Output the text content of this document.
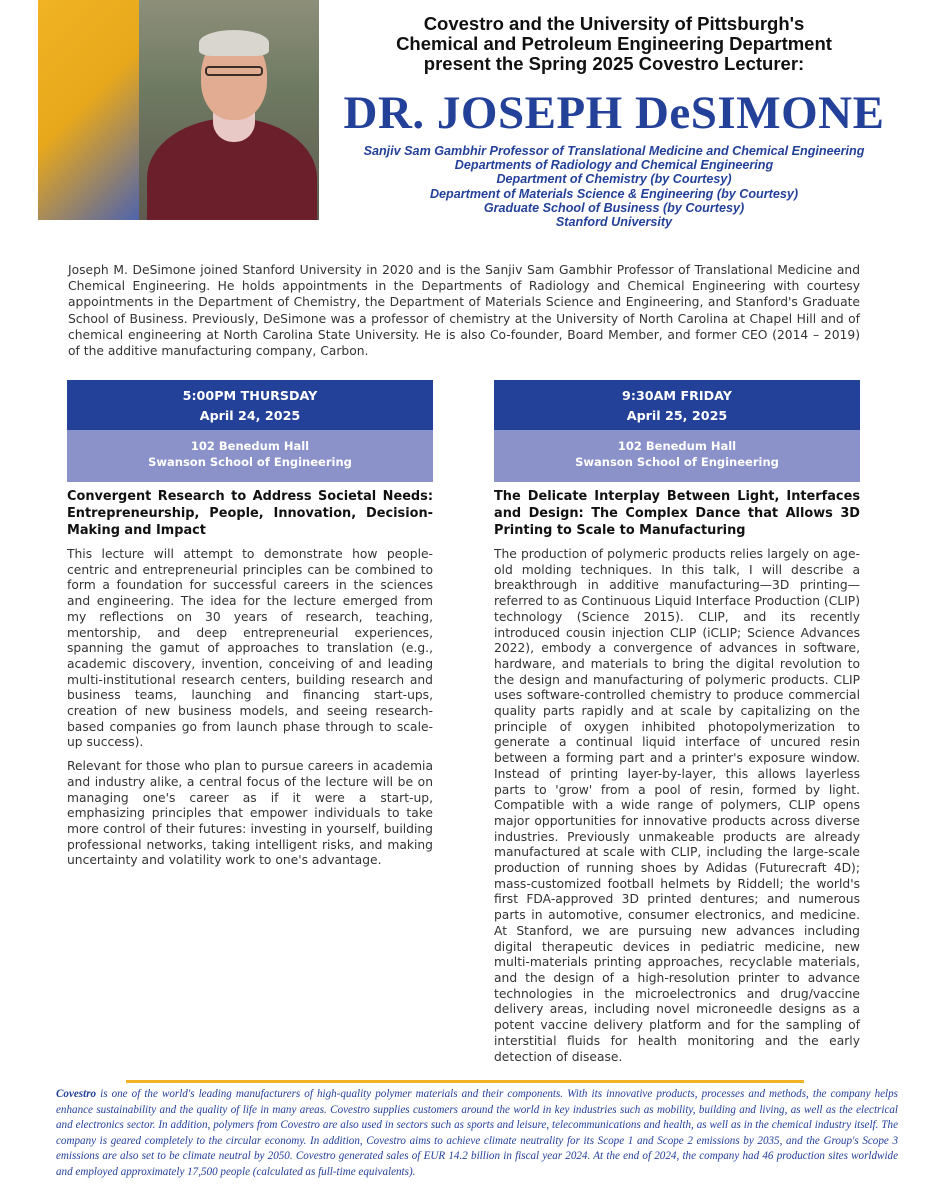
Covestro and the University of Pittsburgh's

Chemical and Petroleum Engineering Department

present the Spring 2025 Covestro Lecturer:

DR. JOSEPH DeSIMONE
Sanjiv Sam Gambhir Professor of Translational Medicine and Chemical Engineering
Departments of Radiology and Chemical Engineering
Department of Chemistry (by Courtesy)
Department of Materials Science & Engineering (by Courtesy)
Graduate School of Business (by Courtesy)
Stanford University

Joseph M. DeSimone joined Stanford University in 2020 and is the Sanjiv Sam Gambhir Professor of Translational Medicine and Chemical Engineering. He holds appointments in the Departments of Radiology and Chemical Engineering with courtesy appointments in the Department of Chemistry, the Department of Materials Science and Engineering, and Stanford's Graduate School of Business. Previously, DeSimone was a professor of chemistry at the University of North Carolina at Chapel Hill and of chemical engineering at North Carolina State University. He is also Co-founder, Board Member, and former CEO (2014 – 2019) of the additive manufacturing company, Carbon.

5:00PM THURSDAY
April 24, 2025
102 Benedum Hall
Swanson School of Engineering

Convergent Research to Address Societal Needs: Entrepreneurship, People, Innovation, Decision-Making and Impact

This lecture will attempt to demonstrate how people-centric and entrepreneurial principles can be combined to form a foundation for successful careers in the sciences and engineering. The idea for the lecture emerged from my reflections on 30 years of research, teaching, mentorship, and deep entrepreneurial experiences, spanning the gamut of approaches to translation (e.g., academic discovery, invention, conceiving of and leading multi-institutional research centers, building research and business teams, launching and financing start-ups, creation of new business models, and seeing research-based companies go from launch phase through to scale-up success).

Relevant for those who plan to pursue careers in academia and industry alike, a central focus of the lecture will be on managing one's career as if it were a start-up, emphasizing principles that empower individuals to take more control of their futures: investing in yourself, building professional networks, taking intelligent risks, and making uncertainty and volatility work to one's advantage.

9:30AM FRIDAY
April 25, 2025
102 Benedum Hall
Swanson School of Engineering

The Delicate Interplay Between Light, Interfaces and Design: The Complex Dance that Allows 3D Printing to Scale to Manufacturing

The production of polymeric products relies largely on age-old molding techniques. In this talk, I will describe a breakthrough in additive manufacturing—3D printing—referred to as Continuous Liquid Interface Production (CLIP) technology (Science 2015). CLIP, and its recently introduced cousin injection CLIP (iCLIP; Science Advances 2022), embody a convergence of advances in software, hardware, and materials to bring the digital revolution to the design and manufacturing of polymeric products. CLIP uses software-controlled chemistry to produce commercial quality parts rapidly and at scale by capitalizing on the principle of oxygen inhibited photopolymerization to generate a continual liquid interface of uncured resin between a forming part and a printer's exposure window. Instead of printing layer-by-layer, this allows layerless parts to 'grow' from a pool of resin, formed by light. Compatible with a wide range of polymers, CLIP opens major opportunities for innovative products across diverse industries. Previously unmakeable products are already manufactured at scale with CLIP, including the large-scale production of running shoes by Adidas (Futurecraft 4D); mass-customized football helmets by Riddell; the world's first FDA-approved 3D printed dentures; and numerous parts in automotive, consumer electronics, and medicine. At Stanford, we are pursuing new advances including digital therapeutic devices in pediatric medicine, new multi-materials printing approaches, recyclable materials, and the design of a high-resolution printer to advance technologies in the microelectronics and drug/vaccine delivery areas, including novel microneedle designs as a potent vaccine delivery platform and for the sampling of interstitial fluids for health monitoring and the early detection of disease.

Covestro is one of the world's leading manufacturers of high-quality polymer materials and their components. With its innovative products, processes and methods, the company helps enhance sustainability and the quality of life in many areas. Covestro supplies customers around the world in key industries such as mobility, building and living, as well as the electrical and electronics sector. In addition, polymers from Covestro are also used in sectors such as sports and leisure, telecommunications and health, as well as in the chemical industry itself. The company is geared completely to the circular economy. In addition, Covestro aims to achieve climate neutrality for its Scope 1 and Scope 2 emissions by 2035, and the Group's Scope 3 emissions are also set to be climate neutral by 2050. Covestro generated sales of EUR 14.2 billion in fiscal year 2024. At the end of 2024, the company had 46 production sites worldwide and employed approximately 17,500 people (calculated as full-time equivalents).
